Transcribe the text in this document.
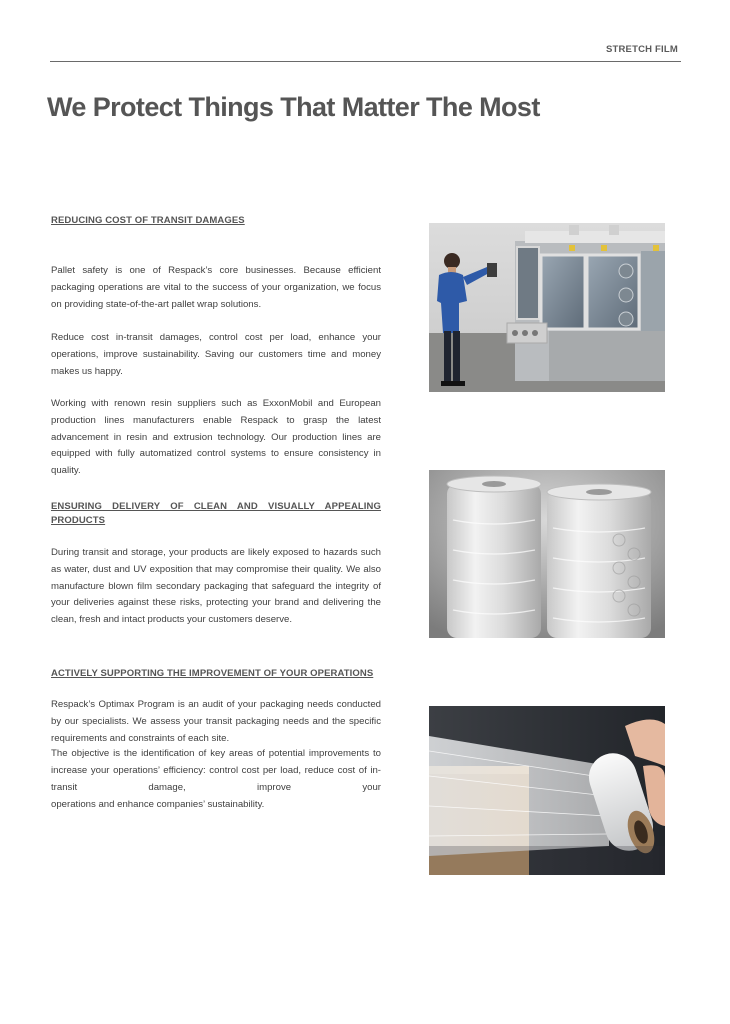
STRETCH FILM
We Protect Things That Matter The Most

REDUCING COST OF TRANSIT DAMAGES

Pallet safety is one of Respack’s core businesses. Because efficient packaging operations are vital to the success of your organization, we focus on providing state-of-the-art pallet wrap solutions.

Reduce cost in-transit damages, control cost per load, enhance your operations, improve sustainability. Saving our customers time and money makes us happy.

Working with renown resin suppliers such as ExxonMobil and European production lines manufacturers enable Respack to grasp the latest advancement in resin and extrusion technology. Our production lines are equipped with fully automatized control systems to ensure consistency in quality.

ENSURING DELIVERY OF CLEAN AND VISUALLY APPEALING PRODUCTS

During transit and storage, your products are likely exposed to hazards such as water, dust and UV exposition that may compromise their quality. We also manufacture blown film secondary packaging that safeguard the integrity of your deliveries against these risks, protecting your brand and delivering the clean, fresh and intact products your customers deserve.

ACTIVELY SUPPORTING THE IMPROVEMENT OF YOUR OPERATIONS

Respack’s Optimax Program is an audit of your packaging needs conducted by our specialists. We assess your transit packaging needs and the specific requirements and constraints of each site.

The objective is the identification of key areas of potential improvements to increase your operations’ efficiency: control cost per load, reduce cost of in-transit damage, improve your

operations and enhance companies’ sustainability.
